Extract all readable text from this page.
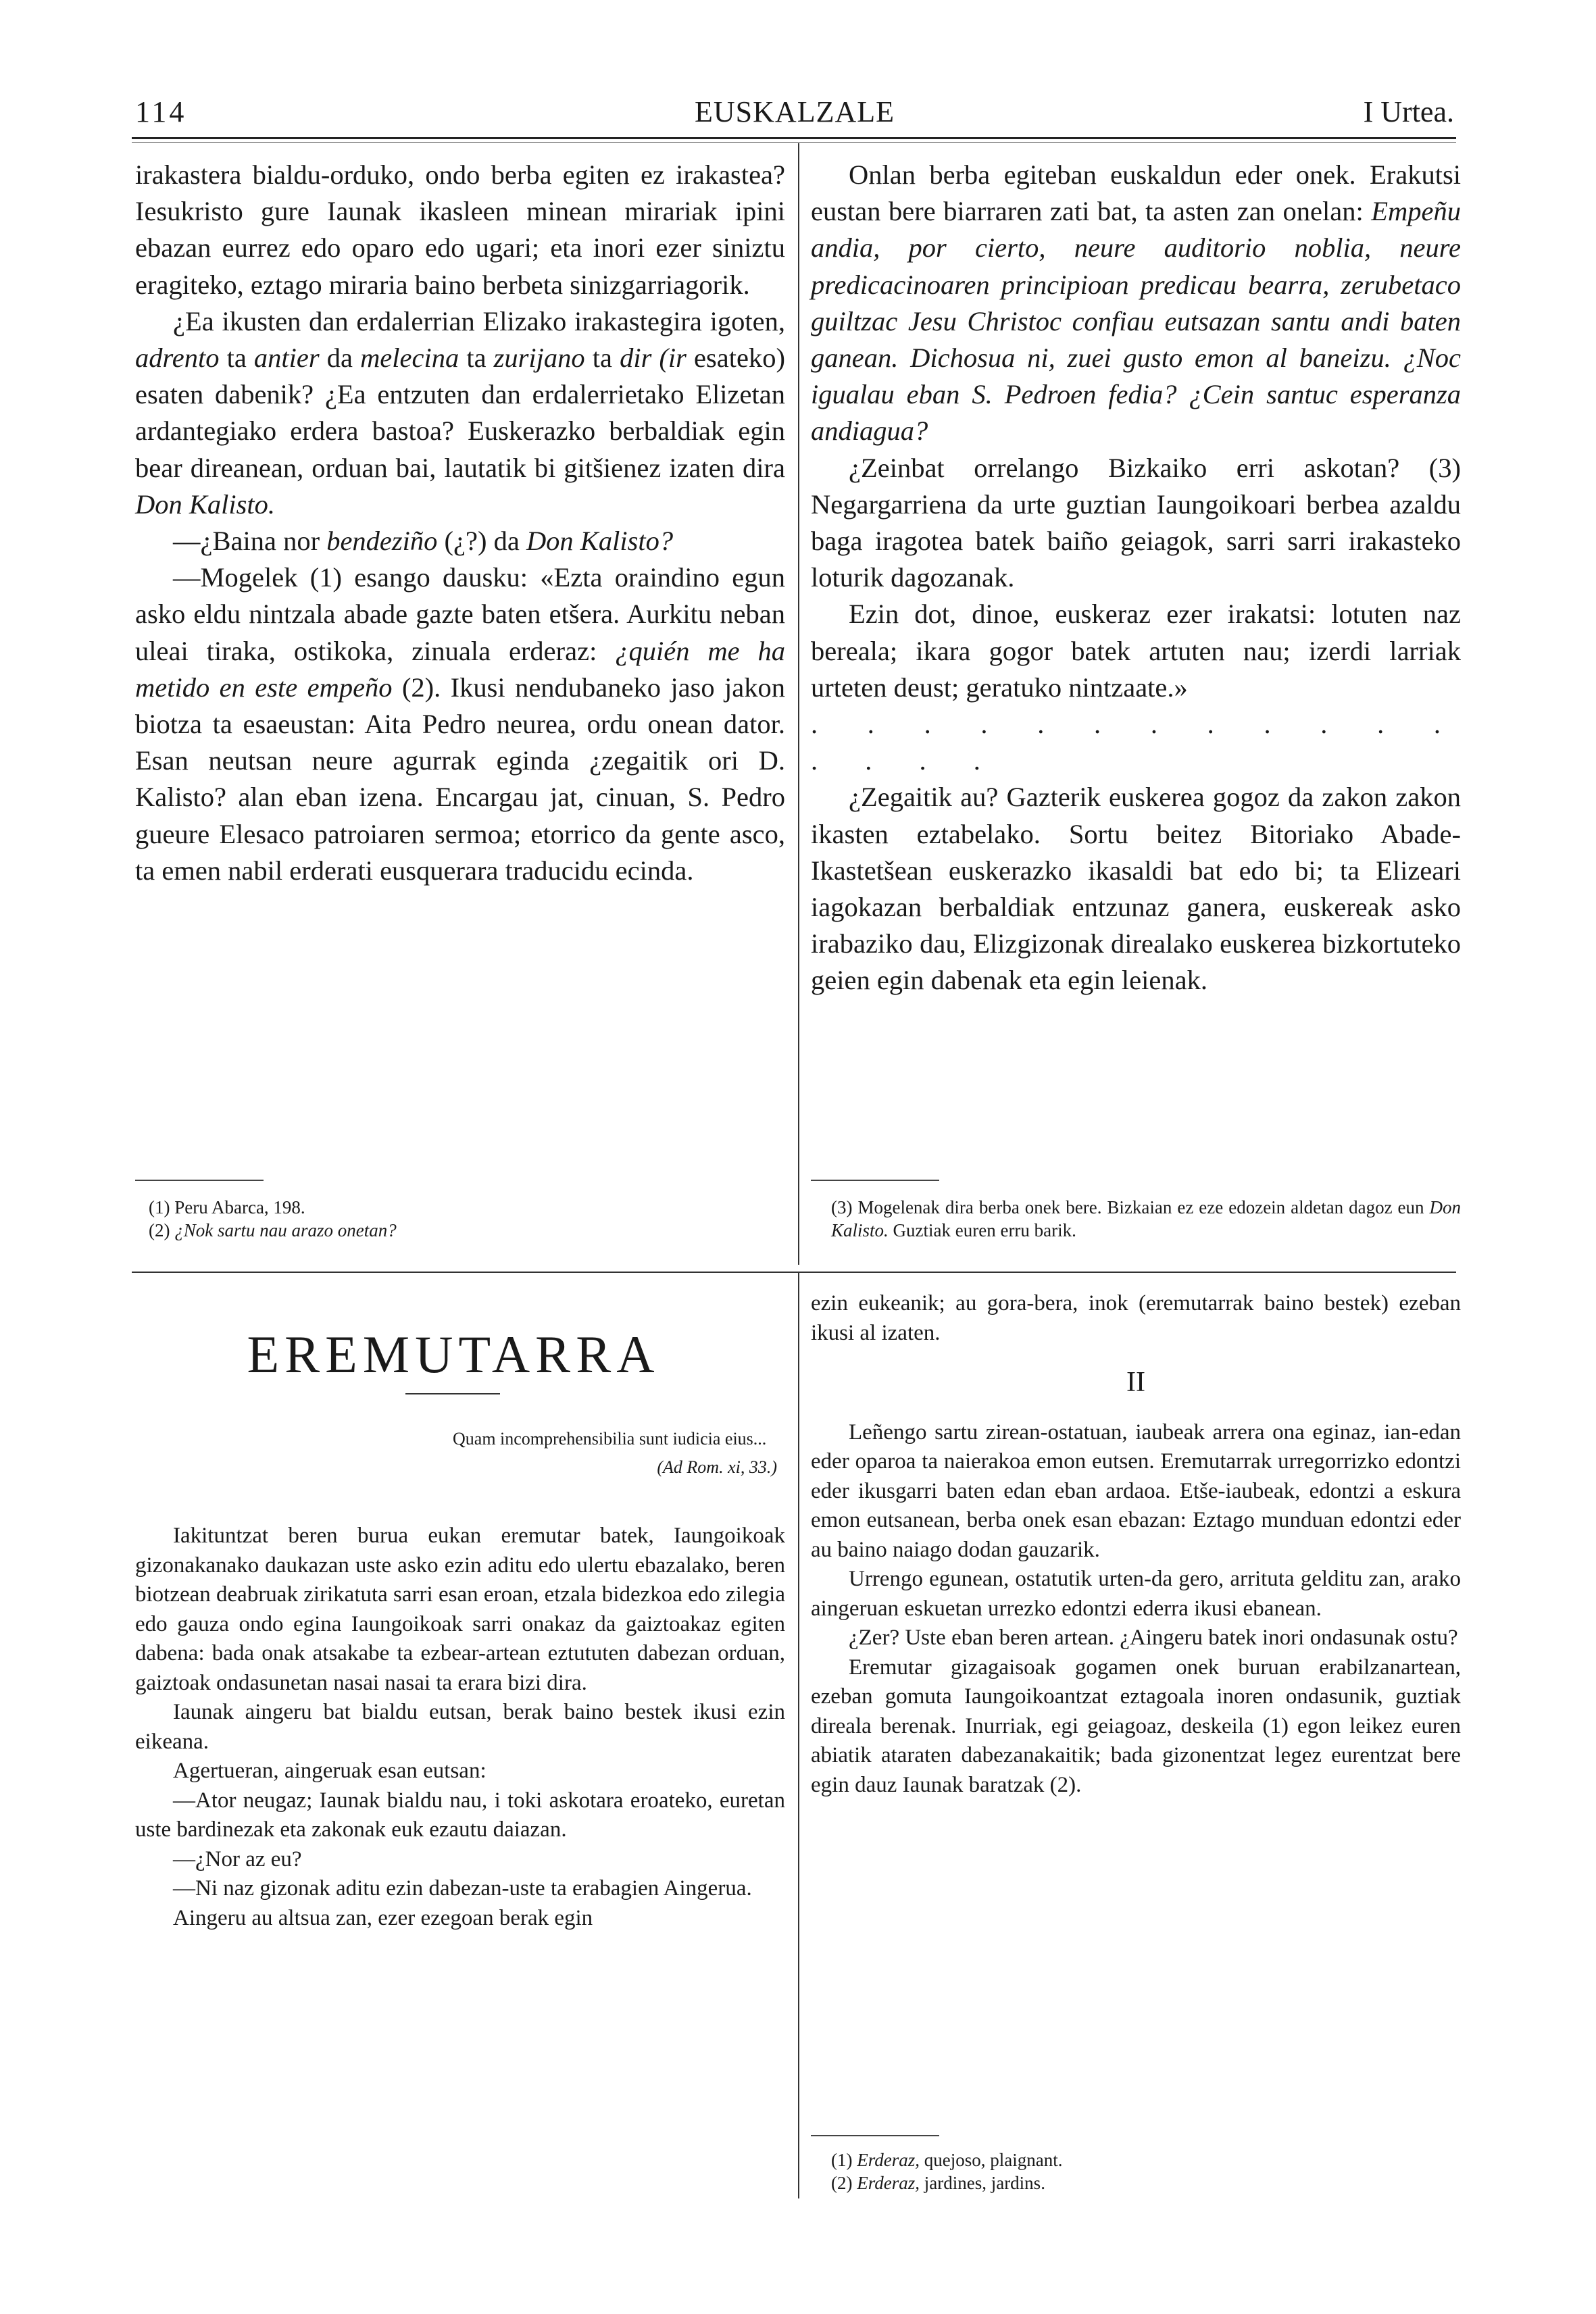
114	EUSKALZALE	I Urtea.

irakastera bialdu-orduko, ondo berba egiten ez irakastea? Iesukristo gure Iaunak ikasleen minean mirariak ipini ebazan eurrez edo oparo edo ugari; eta inori ezer siniztu eragiteko, eztago miraria baino berbeta sinizgarriagorik.

¿Ea ikusten dan erdalerrian Elizako irakastegira igoten, adrento ta antier da melecina ta zurijano ta dir (ir esateko) esaten dabenik? ¿Ea entzuten dan erdalerrietako Elizetan ardantegiako erdera bastoa? Euskerazko berbaldiak egin bear direanean, orduan bai, lautatik bi gitšienez izaten dira Don Kalisto.

—¿Baina nor bendeziño (¿?) da Don Kalisto?

—Mogelek (1) esango dausku: «Ezta oraindino egun asko eldu nintzala abade gazte baten etšera. Aurkitu neban uleai tiraka, ostikoka, zinuala erderaz: ¿quién me ha metido en este empeño (2). Ikusi nendubaneko jaso jakon biotza ta esaeustan: Aita Pedro neurea, ordu onean dator. Esan neutsan neure agurrak eginda ¿zegaitik ori D. Kalisto? alan eban izena. Encargau jat, cinuan, S. Pedro gueure Elesaco patroiaren sermoa; etorrico da gente asco, ta emen nabil erderati eusquerara traducidu ecinda.

Onlan berba egiteban euskaldun eder onek. Erakutsi eustan bere biarraren zati bat, ta asten zan onelan: Empeñu andia, por cierto, neure auditorio noblia, neure predicacinoaren principioan predicau bearra, zerubetaco guiltzac Jesu Christoc confiau eutsazan santu andi baten ganean. Dichosua ni, zuei gusto emon al baneizu. ¿Noc igualau eban S. Pedroen fedia? ¿Cein santuc esperanza andiagua?

¿Zeinbat orrelango Bizkaiko erri askotan? (3) Negargarriena da urte guztian Iaungoikoari berbea azaldu baga iragotea batek baiño geiagok, sarri sarri irakasteko loturik dagozanak.

Ezin dot, dinoe, euskeraz ezer irakatsi: lotuten naz bereala; ikara gogor batek artuten nau; izerdi larriak urteten deust; geratuko nintzaate.»

. . . . . . . . . . . . . . . .

¿Zegaitik au? Gazterik euskerea gogoz da zakon zakon ikasten eztabelako. Sortu beitez Bitoriako Abade-Ikastetšean euskerazko ikasaldi bat edo bi; ta Elizeari iagokazan berbaldiak entzunaz ganera, euskereak asko irabaziko dau, Elizgizonak direalako euskerea bizkortuteko geien egin dabenak eta egin leienak.

(1) Peru Abarca, 198.
(2) ¿Nok sartu nau arazo onetan?
(3) Mogelenak dira berba onek bere. Bizkaian ez eze edozein aldetan dagoz eun Don Kalisto. Guztiak euren erru barik.
EREMUTARRA
Quam incomprehensibilia sunt iudicia eius...
(Ad Rom. xi, 33.)

Iakituntzat beren burua eukan eremutar batek, Iaungoikoak gizonakanako daukazan uste asko ezin aditu edo ulertu ebazalako, beren biotzean deabruak zirikatuta sarri esan eroan, etzala bidezkoa edo zilegia edo gauza ondo egina Iaungoikoak sarri onakaz da gaiztoakaz egiten dabena: bada onak atsakabe ta ezbear-artean eztututen dabezan orduan, gaiztoak ondasunetan nasai nasai ta erara bizi dira.

Iaunak aingeru bat bialdu eutsan, berak baino bestek ikusi ezin eikeana.

Agertueran, aingeruak esan eutsan:

—Ator neugaz; Iaunak bialdu nau, i toki askotara eroateko, euretan uste bardinezak eta zakonak euk ezautu daiazan.

—¿Nor az eu?

—Ni naz gizonak aditu ezin dabezan-uste ta erabagien Aingerua.

Aingeru au altsua zan, ezer ezegoan berak egin

ezin eukeanik; au gora-bera, inok (eremutarrak baino bestek) ezeban ikusi al izaten.

II

Leñengo sartu zirean-ostatuan, iaubeak arrera ona eginaz, ian-edan eder oparoa ta naierakoa emon eutsen. Eremutarrak urregorrizko edontzi eder ikusgarri baten edan eban ardaoa. Etše-iaubeak, edontzi a eskura emon eutsanean, berba onek esan ebazan: Eztago munduan edontzi eder au baino naiago dodan gauzarik.

Urrengo egunean, ostatutik urten-da gero, arrituta gelditu zan, arako aingeruan eskuetan urrezko edontzi ederra ikusi ebanean.

¿Zer? Uste eban beren artean. ¿Aingeru batek inori ondasunak ostu?

Eremutar gizagaisoak gogamen onek buruan erabilzanartean, ezeban gomuta Iaungoikoantzat eztagoala inoren ondasunik, guztiak direala berenak. Inurriak, egi geiagoaz, deskeila (1) egon leikez euren abiatik ataraten dabezanakaitik; bada gizonentzat legez eurentzat bere egin dauz Iaunak baratzak (2).

(1) Erderaz, quejoso, plaignant.
(2) Erderaz, jardines, jardins.
